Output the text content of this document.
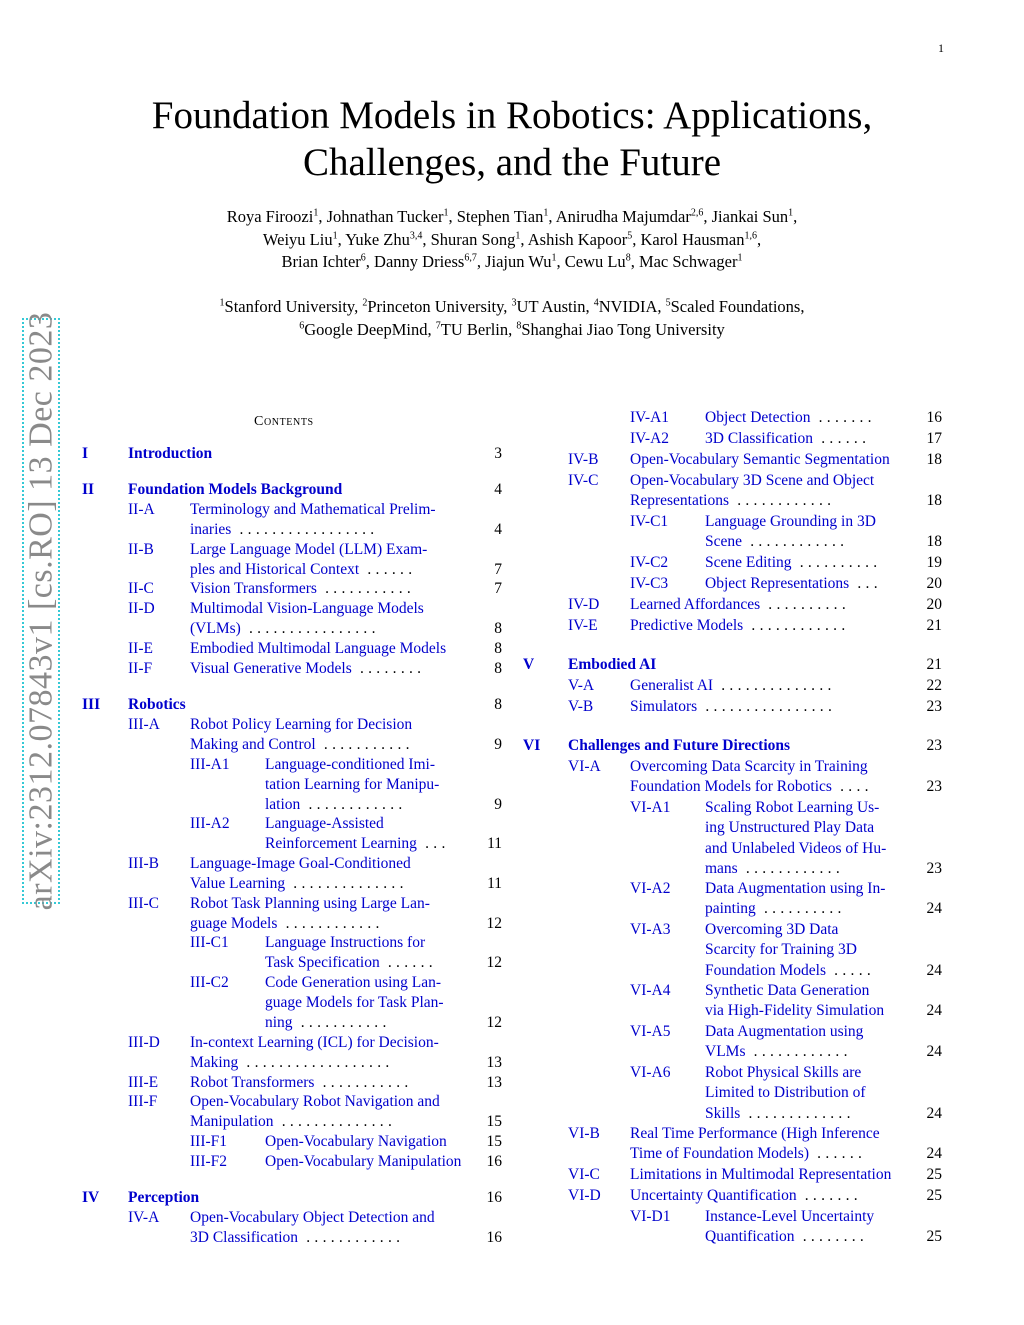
1
arXiv:2312.07843v1 [cs.RO] 13 Dec 2023
Foundation Models in Robotics: Applications,
Challenges, and the Future
Roya Firoozi$^1$, Johnathan Tucker$^1$, Stephen Tian$^1$, Anirudha Majumdar$^{2,6}$, Jiankai Sun$^1$,
Weiyu Liu$^1$, Yuke Zhu$^{3,4}$, Shuran Song$^1$, Ashish Kapoor$^5$, Karol Hausman$^{1,6}$,
Brian Ichter$^6$, Danny Driess$^{6,7}$, Jiajun Wu$^1$, Cewu Lu$^8$, Mac Schwager$^1$
$^1$Stanford University, $^2$Princeton University, $^3$UT Austin, $^4$NVIDIA, $^5$Scaled Foundations,
$^6$Google DeepMind, $^7$TU Berlin, $^8$Shanghai Jiao Tong University
Contents
I	Introduction	3
II Foundation Models Background	4
II-A Terminology and Mathematical Prelim-
inaries .................	4
II-B Large Language Model (LLM) Exam-
ples and Historical Context ......	7
II-C Vision Transformers ...........	7
II-D Multimodal Vision-Language Models
(VLMs) ................	8
II-E Embodied Multimodal Language Models	8
II-F Visual Generative Models ........	8
III Robotics	8
III-A Robot Policy Learning for Decision
Making and Control ...........	9
III-A1 Language-conditioned Imi-
tation Learning for Manipu-
lation ............	9
III-A2 Language-Assisted
Reinforcement Learning ...	11
III-B Language-Image Goal-Conditioned
Value Learning ..............	11
III-C Robot Task Planning using Large Lan-
guage Models ............	12
III-C1 Language Instructions for
Task Specification ......	12
III-C2 Code Generation using Lan-
guage Models for Task Plan-
ning ...........	12
III-D In-context Learning (ICL) for Decision-
Making ..................	13
III-E Robot Transformers ...........	13
III-F Open-Vocabulary Robot Navigation and
Manipulation ..............	15
III-F1 Open-Vocabulary Navigation	15
III-F2 Open-Vocabulary Manipulation	16
IV Perception	16
IV-A Open-Vocabulary Object Detection and
3D Classification ............	16
IV-A1 Object Detection .......	16
IV-A2 3D Classification ......	17
IV-B Open-Vocabulary Semantic Segmentation	18
IV-C Open-Vocabulary 3D Scene and Object
Representations ............	18
IV-C1 Language Grounding in 3D
Scene ............	18
IV-C2 Scene Editing ..........	19
IV-C3 Object Representations ...	20
IV-D Learned Affordances ..........	20
IV-E Predictive Models ............	21
V Embodied AI	21
V-A Generalist AI ..............	22
V-B Simulators ................	23
VI Challenges and Future Directions	23
VI-A Overcoming Data Scarcity in Training
Foundation Models for Robotics ....	23
VI-A1 Scaling Robot Learning Us-
ing Unstructured Play Data
and Unlabeled Videos of Hu-
mans ............	23
VI-A2 Data Augmentation using In-
painting ..........	24
VI-A3 Overcoming 3D Data
Scarcity for Training 3D
Foundation Models .....	24
VI-A4 Synthetic Data Generation
via High-Fidelity Simulation	24
VI-A5 Data Augmentation using
VLMs ............	24
VI-A6 Robot Physical Skills are
Limited to Distribution of
Skills .............	24
VI-B Real Time Performance (High Inference
Time of Foundation Models) ......	24
VI-C Limitations in Multimodal Representation	25
VI-D Uncertainty Quantification .......	25
VI-D1 Instance-Level Uncertainty
Quantification ........	25
